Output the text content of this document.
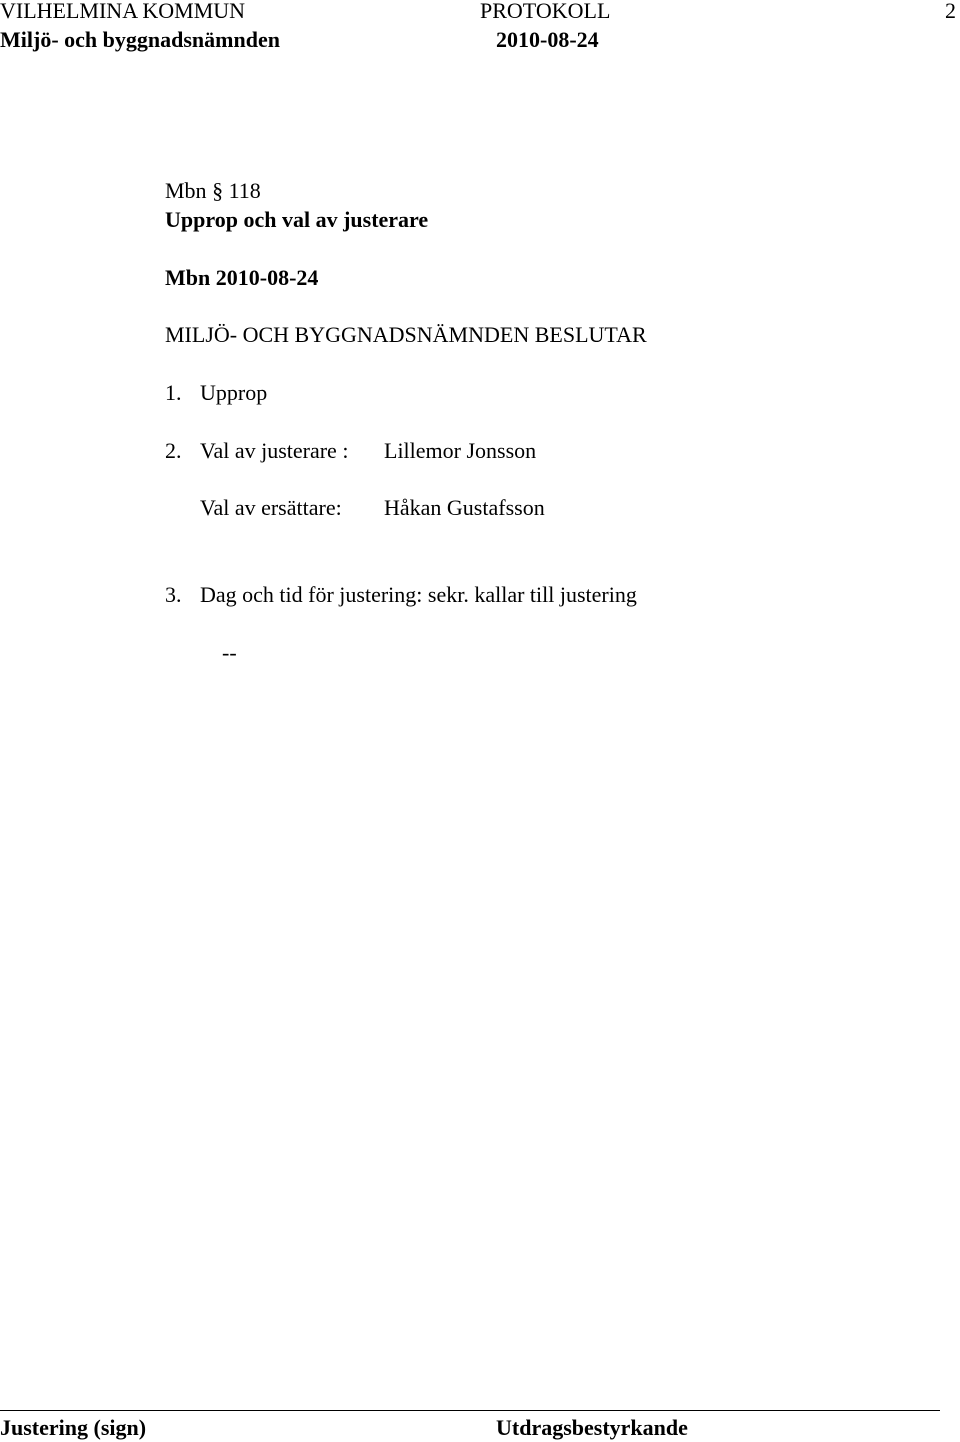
VILHELMINA KOMMUN
Miljö- och byggnadsnämnden
PROTOKOLL
2010-08-24
2
Mbn § 118
Upprop och val av justerare
Mbn 2010-08-24
MILJÖ- OCH BYGGNADSNÄMNDEN BESLUTAR
1. Upprop
2. Val av justerare : Lillemor Jonsson
Val av ersättare: Håkan Gustafsson
3. Dag och tid för justering: sekr. kallar till justering
--
Justering (sign)	Utdragsbestyrkande
